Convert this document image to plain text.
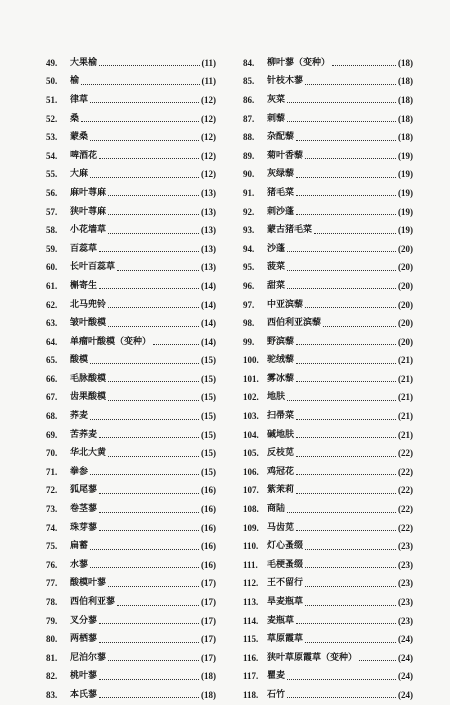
49.	大果榆	(11)
50.	榆	(11)
51.	律草	(12)
52.	桑	(12)
53.	蒙桑	(12)
54.	啤酒花	(12)
55.	大麻	(12)
56.	麻叶荨麻	(13)
57.	狭叶荨麻	(13)
58.	小花墙草	(13)
59.	百蕊草	(13)
60.	长叶百蕊草	(13)
61.	槲寄生	(14)
62.	北马兜铃	(14)
63.	皱叶酸模	(14)
64.	单瘤叶酸模（变种）	(14)
65.	酸模	(15)
66.	毛脉酸模	(15)
67.	齿果酸模	(15)
68.	荞麦	(15)
69.	苦荞麦	(15)
70.	华北大黄	(15)
71.	拳参	(15)
72.	狐尾蓼	(16)
73.	卷茎蓼	(16)
74.	珠芽蓼	(16)
75.	扁蓄	(16)
76.	水蓼	(16)
77.	酸模叶蓼	(17)
78.	西伯利亚蓼	(17)
79.	叉分蓼	(17)
80.	两栖蓼	(17)
81.	尼泊尔蓼	(17)
82.	桃叶蓼	(18)
83.	本氏蓼	(18)
84.	柳叶蓼（变种）	(18)
85.	针枝木蓼	(18)
86.	灰菜	(18)
87.	刺藜	(18)
88.	杂配藜	(18)
89.	菊叶香藜	(19)
90.	灰绿藜	(19)
91.	猪毛菜	(19)
92.	刺沙蓬	(19)
93.	蒙古猪毛菜	(19)
94.	沙蓬	(20)
95.	菠菜	(20)
96.	甜菜	(20)
97.	中亚滨藜	(20)
98.	西伯利亚滨藜	(20)
99.	野滨藜	(20)
100. 驼绒藜	(21)
101. 雾冰藜	(21)
102. 地肤	(21)
103. 扫帚菜	(21)
104. 碱地肤	(21)
105. 反枝苋	(22)
106. 鸡冠花	(22)
107. 紫茉莉	(22)
108. 商陆	(22)
109. 马齿苋	(22)
110. 灯心蚤缀	(23)
111.	毛梗蚤缀	(23)
112. 王不留行	(23)
113. 旱麦瓶草	(23)
114. 麦瓶草	(23)
115. 草原霞草	(24)
116. 狭叶草原霞草（变种）	(24)
117. 瞿麦	(24)
118. 石竹	(24)
